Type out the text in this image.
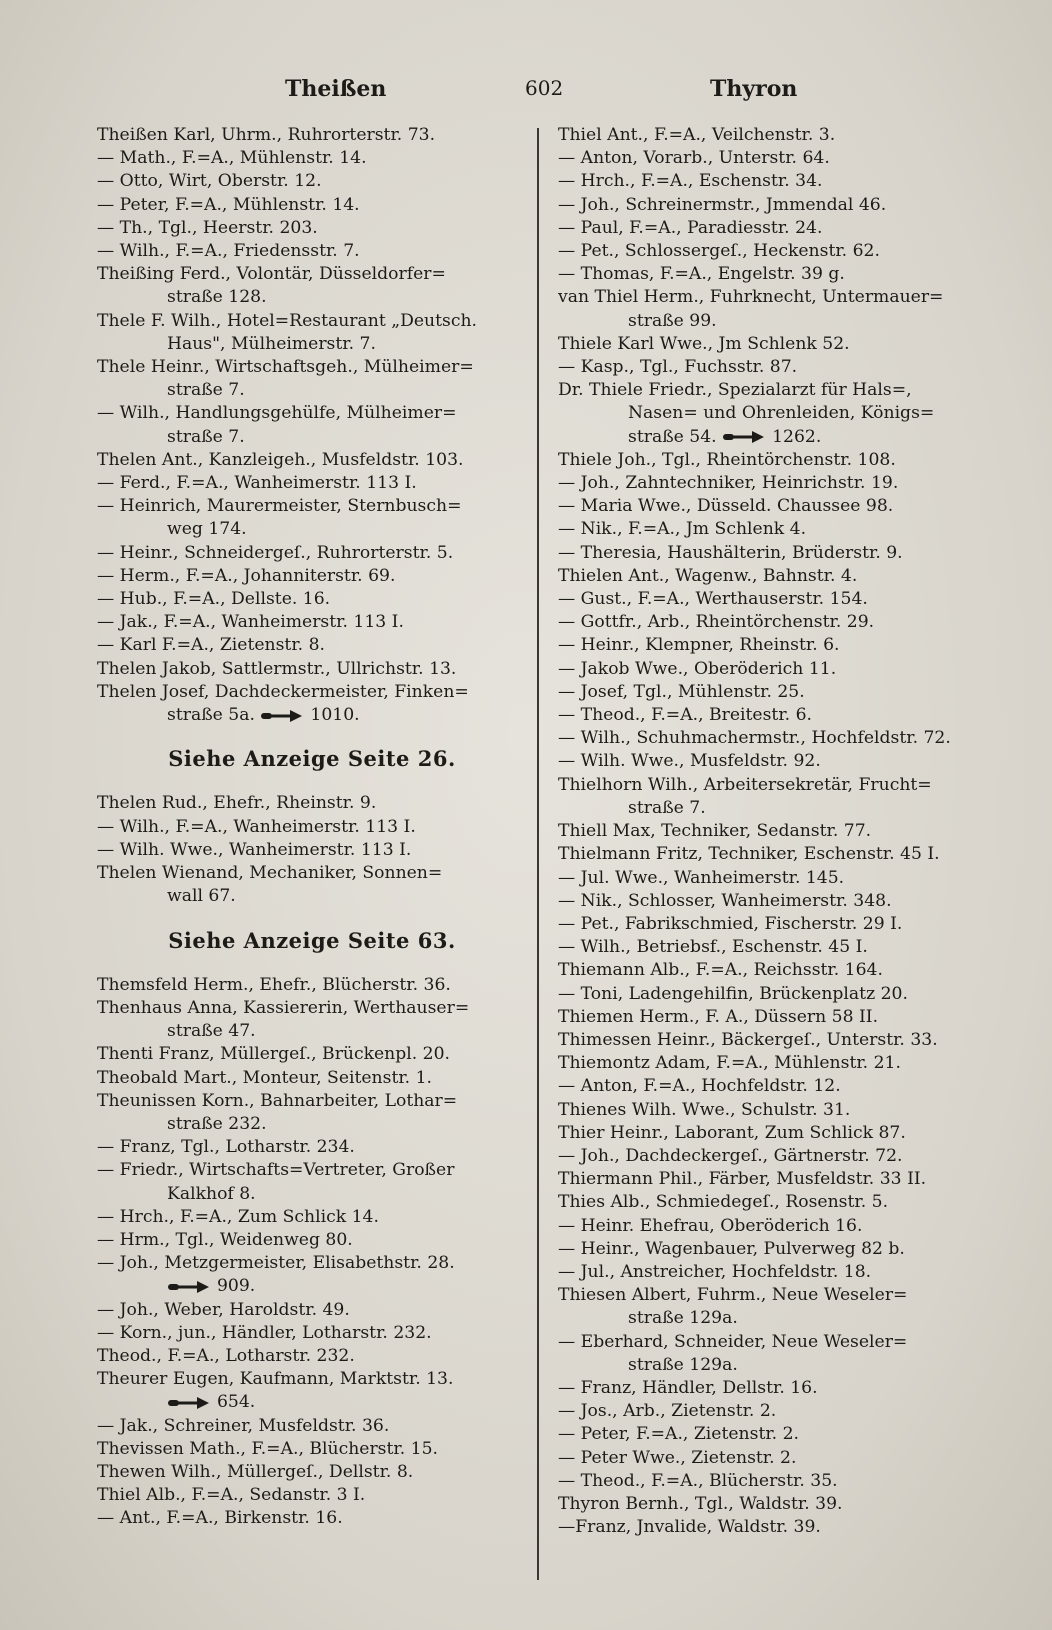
Theißen	602	Thyron
Theißen Karl, Uhrm., Ruhrorterstr. 73.
— Math., F.=A., Mühlenstr. 14.
— Otto, Wirt, Oberstr. 12.
— Peter, F.=A., Mühlenstr. 14.
— Th., Tgl., Heerstr. 203.
— Wilh., F.=A., Friedensstr. 7.
Theißing Ferd., Volontär, Düsseldorfer=
straße 128.
Thele F. Wilh., Hotel=Restaurant „Deutsch.
Haus", Mülheimerstr. 7.
Thele Heinr., Wirtschaftsgeh., Mülheimer=
straße 7.
— Wilh., Handlungsgehülfe, Mülheimer=
straße 7.
Thelen Ant., Kanzleigeh., Musfeldstr. 103.
— Ferd., F.=A., Wanheimerstr. 113 I.
— Heinrich, Maurermeister, Sternbusch=
weg 174.
— Heinr., Schneidergeſ., Ruhrorterstr. 5.
— Herm., F.=A., Johanniterstr. 69.
— Hub., F.=A., Dellste. 16.
— Jak., F.=A., Wanheimerstr. 113 I.
— Karl F.=A., Zietenstr. 8.
Thelen Jakob, Sattlermstr., Ullrichstr. 13.
Thelen Josef, Dachdeckermeister, Finken=
straße 5a.	1010.
Siehe Anzeige Seite 26.
Thelen Rud., Ehefr., Rheinstr. 9.
— Wilh., F.=A., Wanheimerstr. 113 I.
— Wilh. Wwe., Wanheimerstr. 113 I.
Thelen Wienand, Mechaniker, Sonnen=
wall 67.
Siehe Anzeige Seite 63.
Themsfeld Herm., Ehefr., Blücherstr. 36.
Thenhaus Anna, Kassiererin, Werthauser=
straße 47.
Thenti Franz, Müllergeſ., Brückenpl. 20.
Theobald Mart., Monteur, Seitenstr. 1.
Theunissen Korn., Bahnarbeiter, Lothar=
straße 232.
— Franz, Tgl., Lotharstr. 234.
— Friedr., Wirtschafts=Vertreter, Großer
Kalkhof 8.
— Hrch., F.=A., Zum Schlick 14.
— Hrm., Tgl., Weidenweg 80.
— Joh., Metzgermeister, Elisabethstr. 28.
909.
— Joh., Weber, Haroldstr. 49.
— Korn., jun., Händler, Lotharstr. 232.
Theod., F.=A., Lotharstr. 232.
Theurer Eugen, Kaufmann, Marktstr. 13.
654.
— Jak., Schreiner, Musfeldstr. 36.
Thevissen Math., F.=A., Blücherstr. 15.
Thewen Wilh., Müllergeſ., Dellstr. 8.
Thiel Alb., F.=A., Sedanstr. 3 I.
— Ant., F.=A., Birkenstr. 16.
Thiel Ant., F.=A., Veilchenstr. 3.
— Anton, Vorarb., Unterstr. 64.
— Hrch., F.=A., Eschenstr. 34.
— Joh., Schreinermstr., Jmmendal 46.
— Paul, F.=A., Paradiesstr. 24.
— Pet., Schlossergeſ., Heckenstr. 62.
— Thomas, F.=A., Engelstr. 39 g.
van Thiel Herm., Fuhrknecht, Untermauer=
straße 99.
Thiele Karl Wwe., Jm Schlenk 52.
— Kasp., Tgl., Fuchsstr. 87.
Dr. Thiele Friedr., Spezialarzt für Hals=,
Nasen= und Ohrenleiden, Königs=
straße 54.	1262.
Thiele Joh., Tgl., Rheintörchenstr. 108.
— Joh., Zahntechniker, Heinrichstr. 19.
— Maria Wwe., Düsseld. Chaussee 98.
— Nik., F.=A., Jm Schlenk 4.
— Theresia, Haushälterin, Brüderstr. 9.
Thielen Ant., Wagenw., Bahnstr. 4.
— Gust., F.=A., Werthauserstr. 154.
— Gottfr., Arb., Rheintörchenstr. 29.
— Heinr., Klempner, Rheinstr. 6.
— Jakob Wwe., Oberöderich 11.
— Josef, Tgl., Mühlenstr. 25.
— Theod., F.=A., Breitestr. 6.
— Wilh., Schuhmachermstr., Hochfeldstr. 72.
— Wilh. Wwe., Musfeldstr. 92.
Thielhorn Wilh., Arbeitersekretär, Frucht=
straße 7.
Thiell Max, Techniker, Sedanstr. 77.
Thielmann Fritz, Techniker, Eschenstr. 45 I.
— Jul. Wwe., Wanheimerstr. 145.
— Nik., Schlosser, Wanheimerstr. 348.
— Pet., Fabrikschmied, Fischerstr. 29 I.
— Wilh., Betriebsf., Eschenstr. 45 I.
Thiemann Alb., F.=A., Reichsstr. 164.
— Toni, Ladengehilfin, Brückenplatz 20.
Thiemen Herm., F. A., Düssern 58 II.
Thimessen Heinr., Bäckergeſ., Unterstr. 33.
Thiemontz Adam, F.=A., Mühlenstr. 21.
— Anton, F.=A., Hochfeldstr. 12.
Thienes Wilh. Wwe., Schulstr. 31.
Thier Heinr., Laborant, Zum Schlick 87.
— Joh., Dachdeckergeſ., Gärtnerstr. 72.
Thiermann Phil., Färber, Musfeldstr. 33 II.
Thies Alb., Schmiedegeſ., Rosenstr. 5.
— Heinr. Ehefrau, Oberöderich 16.
— Heinr., Wagenbauer, Pulverweg 82 b.
— Jul., Anstreicher, Hochfeldstr. 18.
Thiesen Albert, Fuhrm., Neue Weseler=
straße 129a.
— Eberhard, Schneider, Neue Weseler=
straße 129a.
— Franz, Händler, Dellstr. 16.
— Jos., Arb., Zietenstr. 2.
— Peter, F.=A., Zietenstr. 2.
— Peter Wwe., Zietenstr. 2.
— Theod., F.=A., Blücherstr. 35.
Thyron Bernh., Tgl., Waldstr. 39.
—Franz, Jnvalide, Waldstr. 39.
